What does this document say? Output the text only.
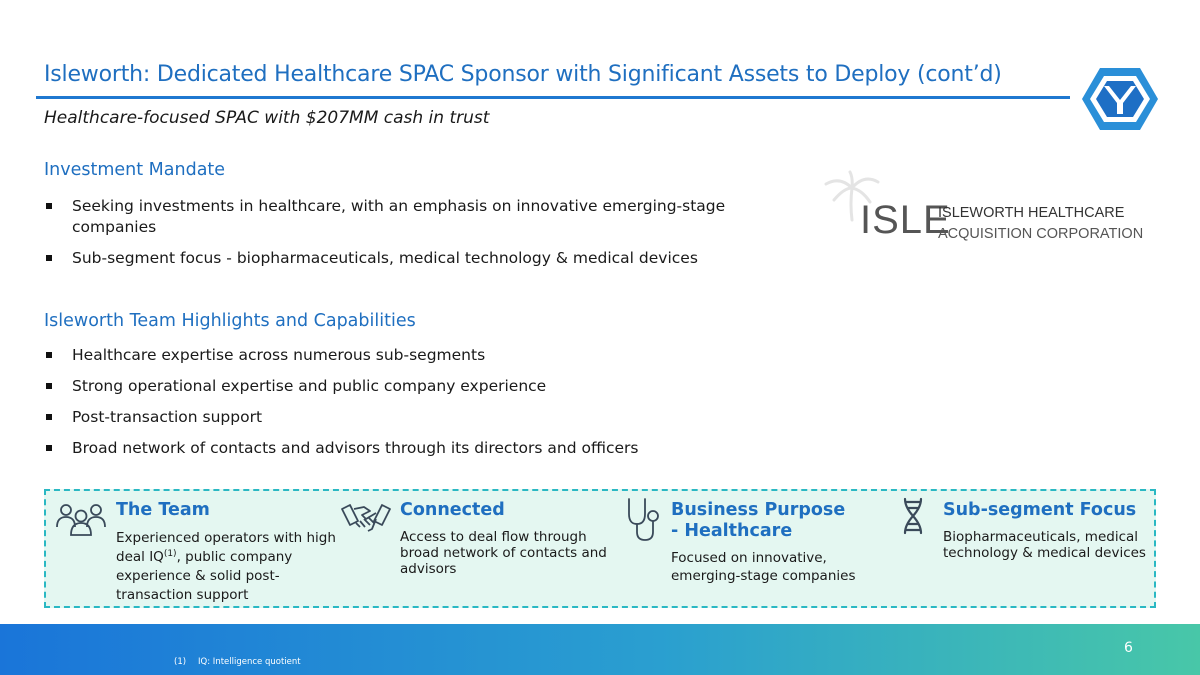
Isleworth: Dedicated Healthcare SPAC Sponsor with Significant Assets to Deploy (cont’d)
Healthcare-focused SPAC with $207MM cash in trust
Investment Mandate
Seeking investments in healthcare, with an emphasis on innovative emerging-stage companies
Sub-segment focus - biopharmaceuticals, medical technology & medical devices
ISLE
ISLEWORTH HEALTHCARE
ACQUISITION CORPORATION
Isleworth Team Highlights and Capabilities
Healthcare expertise across numerous sub-segments
Strong operational expertise and public company experience
Post-transaction support
Broad network of contacts and advisors through its directors and officers
The Team
Experienced operators with high deal IQ$^{(1)}$, public company experience & solid post-transaction support
Connected
Access to deal flow through broad network of contacts and advisors
Business Purpose - Healthcare
Focused on innovative, emerging-stage companies
Sub-segment Focus
Biopharmaceuticals, medical technology & medical devices
6
(1) IQ: Intelligence quotient
